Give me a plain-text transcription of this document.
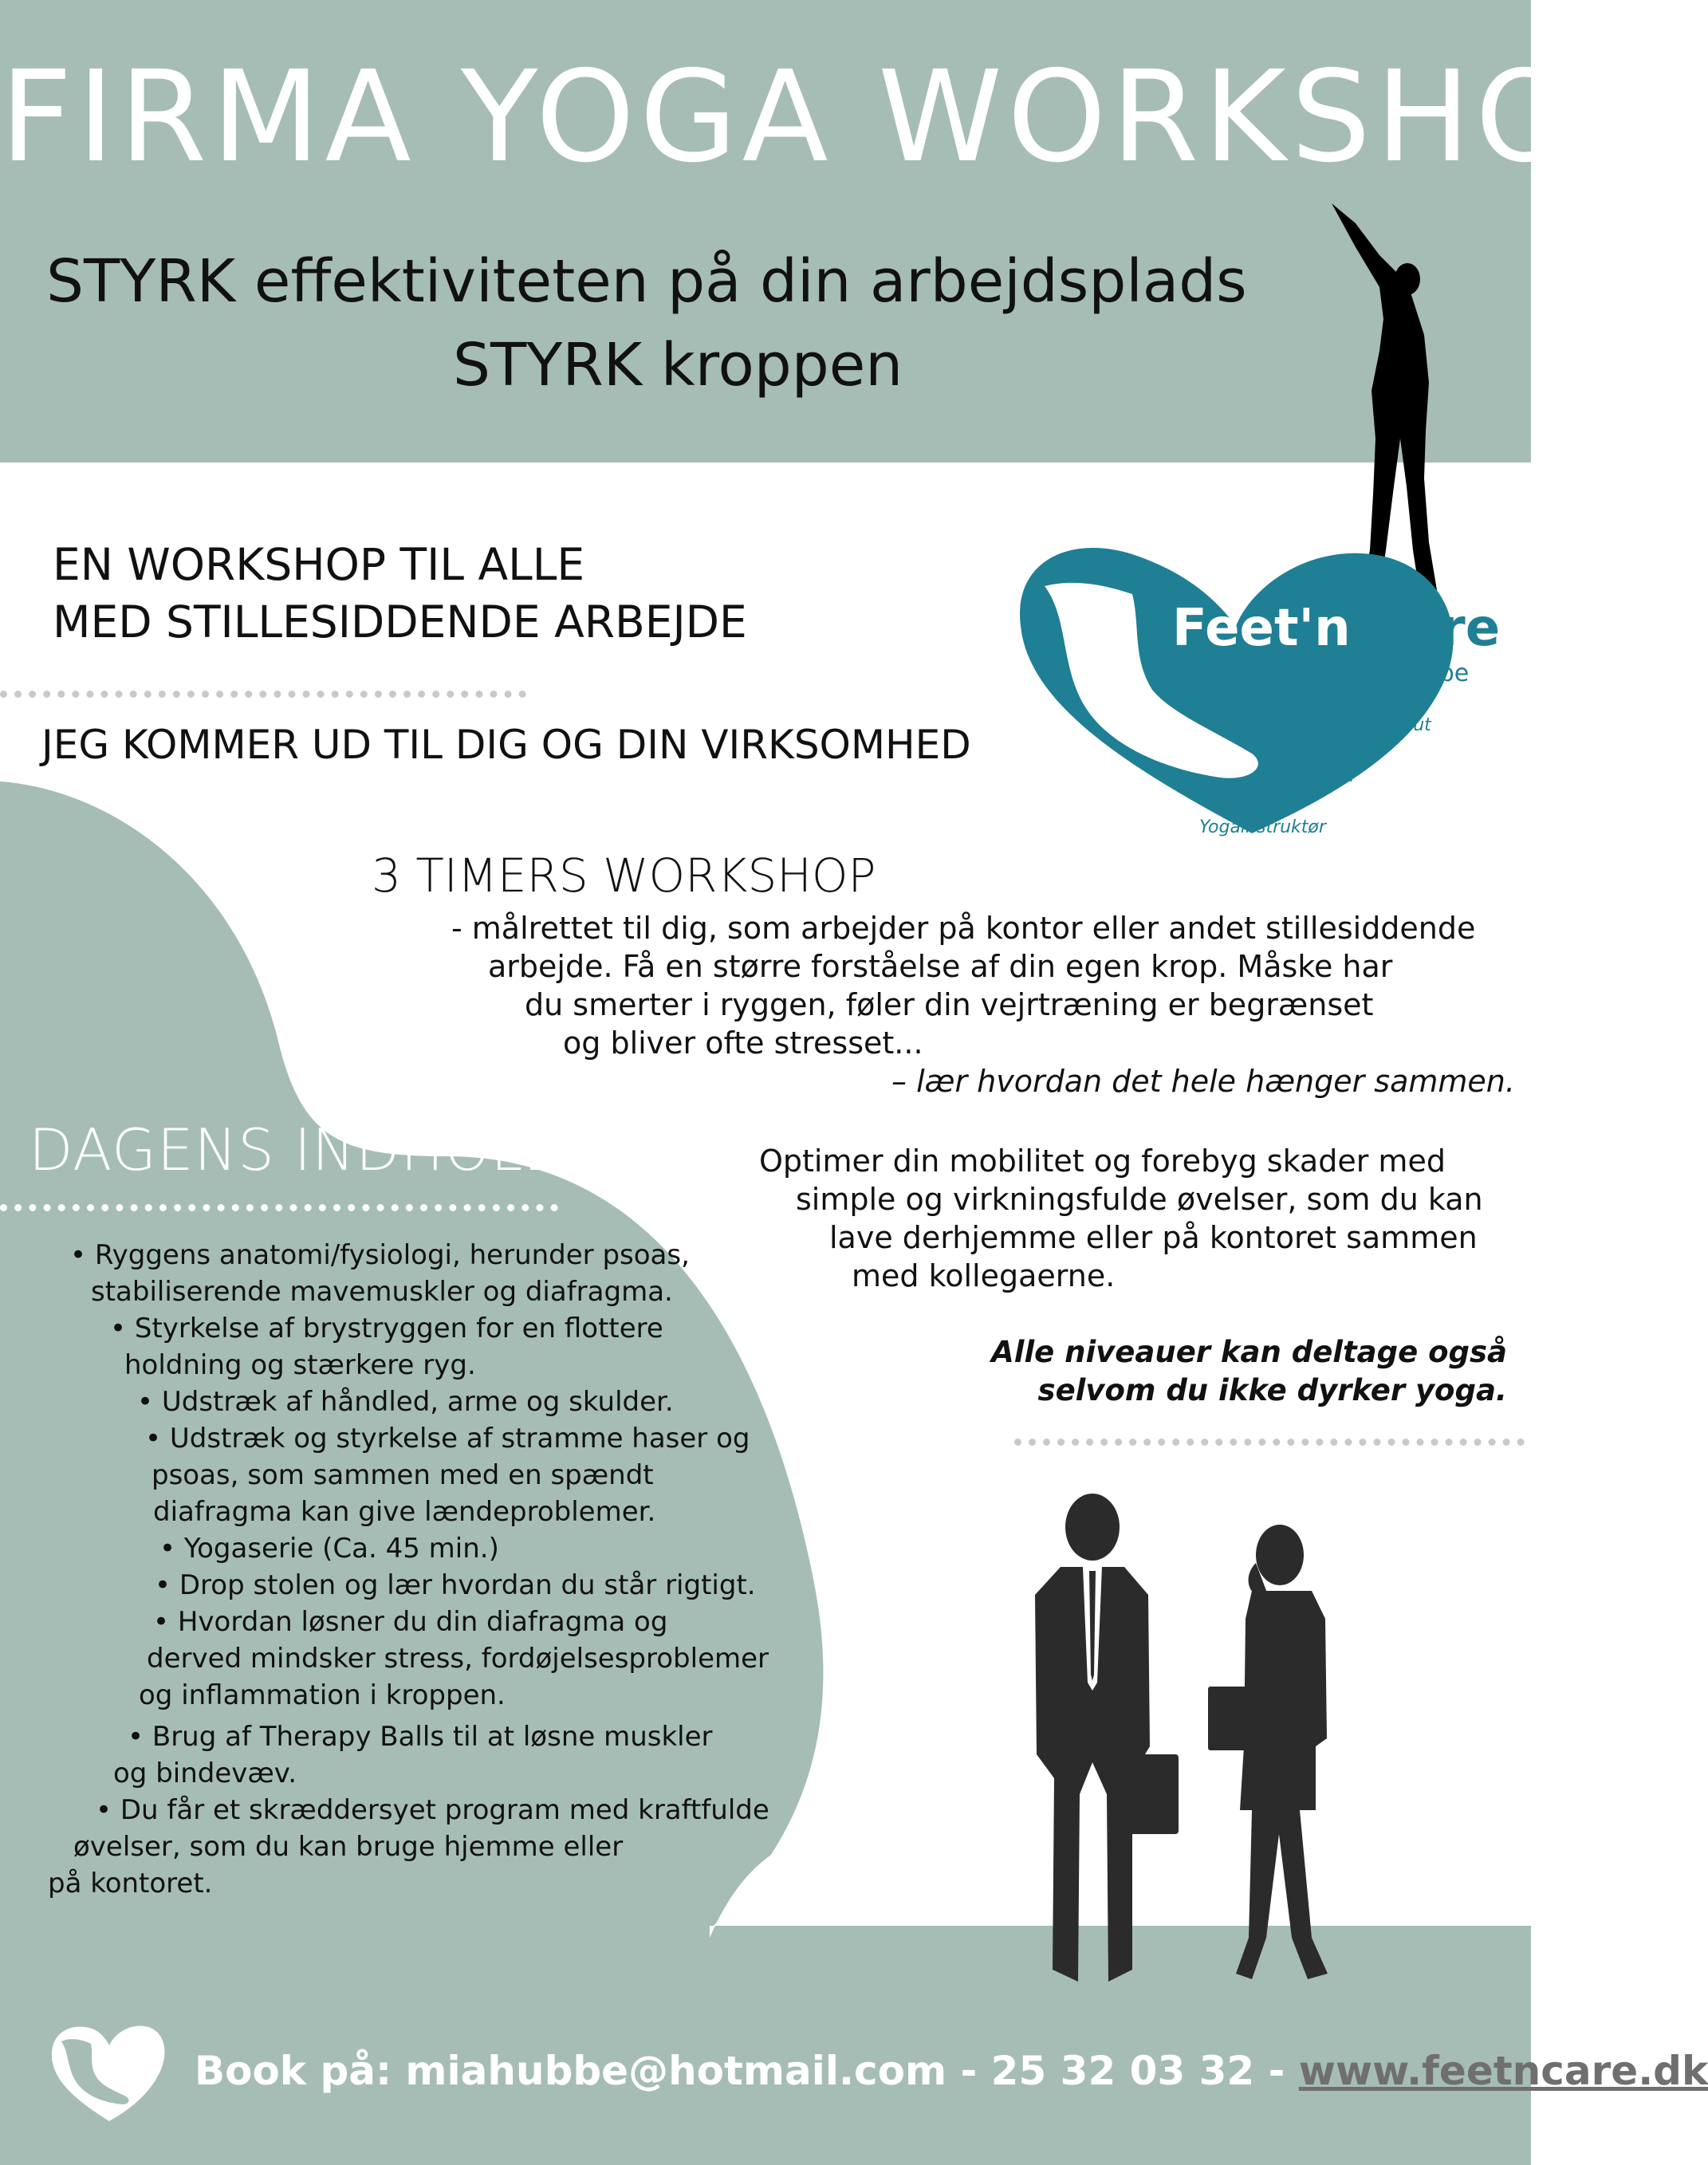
FIRMA YOGA WORKSHOP
STYRK effektiviteten på din arbejdsplads
STYRK kroppen
EN WORKSHOP TIL ALLE
MED STILLESIDDENDE ARBEJDE
JEG KOMMER UD TIL DIG OG DIN VIRKSOMHED
Feet'n Care
Mia Hübbe
Zoneterapeut
Akupunktør
Yogainstruktør
3 TIMERS WORKSHOP
- målrettet til dig, som arbejder på kontor eller andet stillesiddende
arbejde. Få en større forståelse af din egen krop. Måske har
du smerter i ryggen, føler din vejrtræning er begrænset
og bliver ofte stresset...
– lær hvordan det hele hænger sammen.
Optimer din mobilitet og forebyg skader med
simple og virkningsfulde øvelser, som du kan
lave derhjemme eller på kontoret sammen
med kollegaerne.
Alle niveauer kan deltage også
selvom du ikke dyrker yoga.
DAGENS INDHOLD
• Ryggens anatomi/fysiologi, herunder psoas,
stabiliserende mavemuskler og diafragma.
• Styrkelse af brystryggen for en flottere
holdning og stærkere ryg.
• Udstræk af håndled, arme og skulder.
• Udstræk og styrkelse af stramme haser og
psoas, som sammen med en spændt
diafragma kan give lændeproblemer.
• Yogaserie (Ca. 45 min.)
• Drop stolen og lær hvordan du står rigtigt.
• Hvordan løsner du din diafragma og
derved mindsker stress, fordøjelsesproblemer
og inflammation i kroppen.
• Brug af Therapy Balls til at løsne muskler
og bindevæv.
• Du får et skræddersyet program med kraftfulde
øvelser, som du kan bruge hjemme eller
på kontoret.
Book på: miahubbe@hotmail.com - 25 32 03 32 - www.feetncare.dk
